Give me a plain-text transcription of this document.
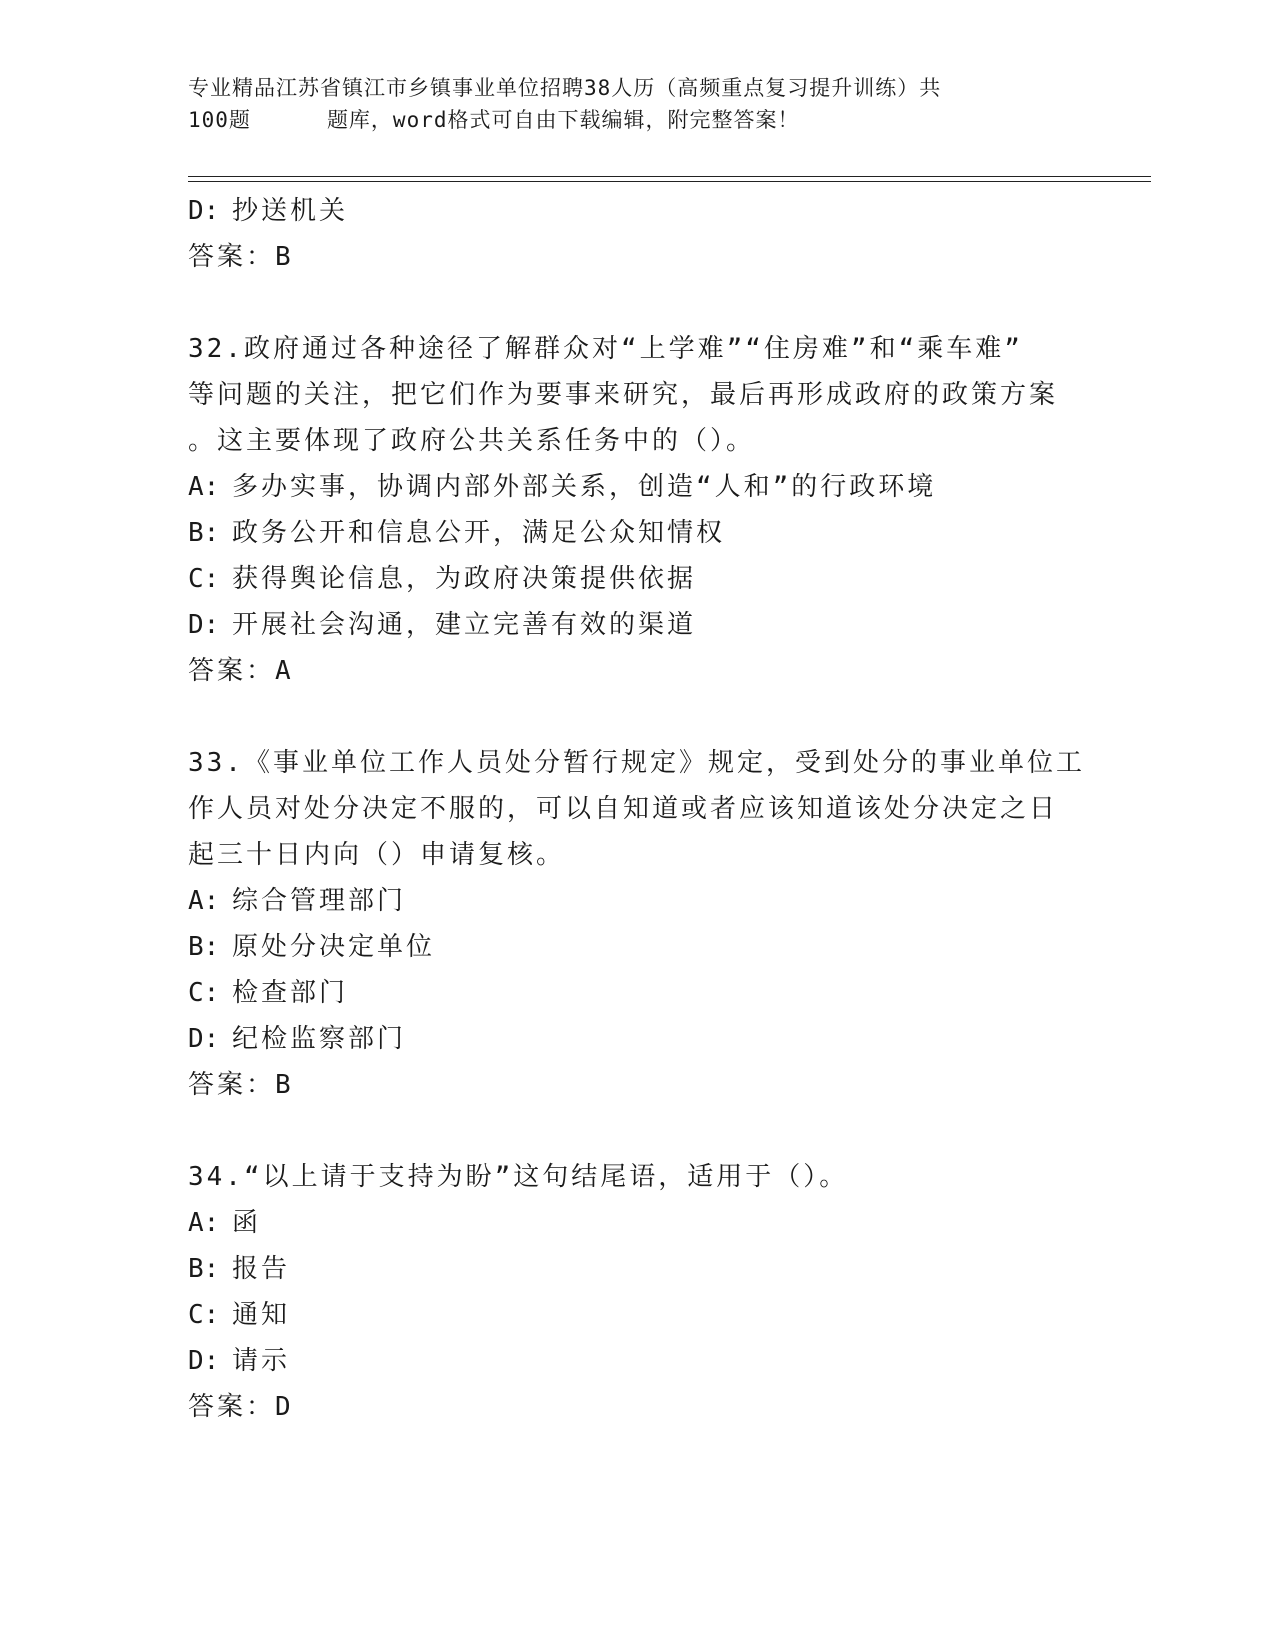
专业精品江苏省镇江市乡镇事业单位招聘38人历（高频重点复习提升训练）共
100题	题库，word格式可自由下载编辑，附完整答案！
D: 抄送机关
答案：B
32.政府通过各种途径了解群众对“上学难”“住房难”和“乘车难”
等问题的关注，把它们作为要事来研究，最后再形成政府的政策方案
。这主要体现了政府公共关系任务中的（）。
A: 多办实事，协调内部外部关系，创造“人和”的行政环境
B: 政务公开和信息公开，满足公众知情权
C: 获得舆论信息，为政府决策提供依据
D: 开展社会沟通，建立完善有效的渠道
答案：A
33.《事业单位工作人员处分暂行规定》规定，受到处分的事业单位工
作人员对处分决定不服的，可以自知道或者应该知道该处分决定之日
起三十日内向（）申请复核。
A: 综合管理部门
B: 原处分决定单位
C: 检查部门
D: 纪检监察部门
答案：B
34.“以上请于支持为盼”这句结尾语，适用于（）。
A: 函
B: 报告
C: 通知
D: 请示
答案：D
